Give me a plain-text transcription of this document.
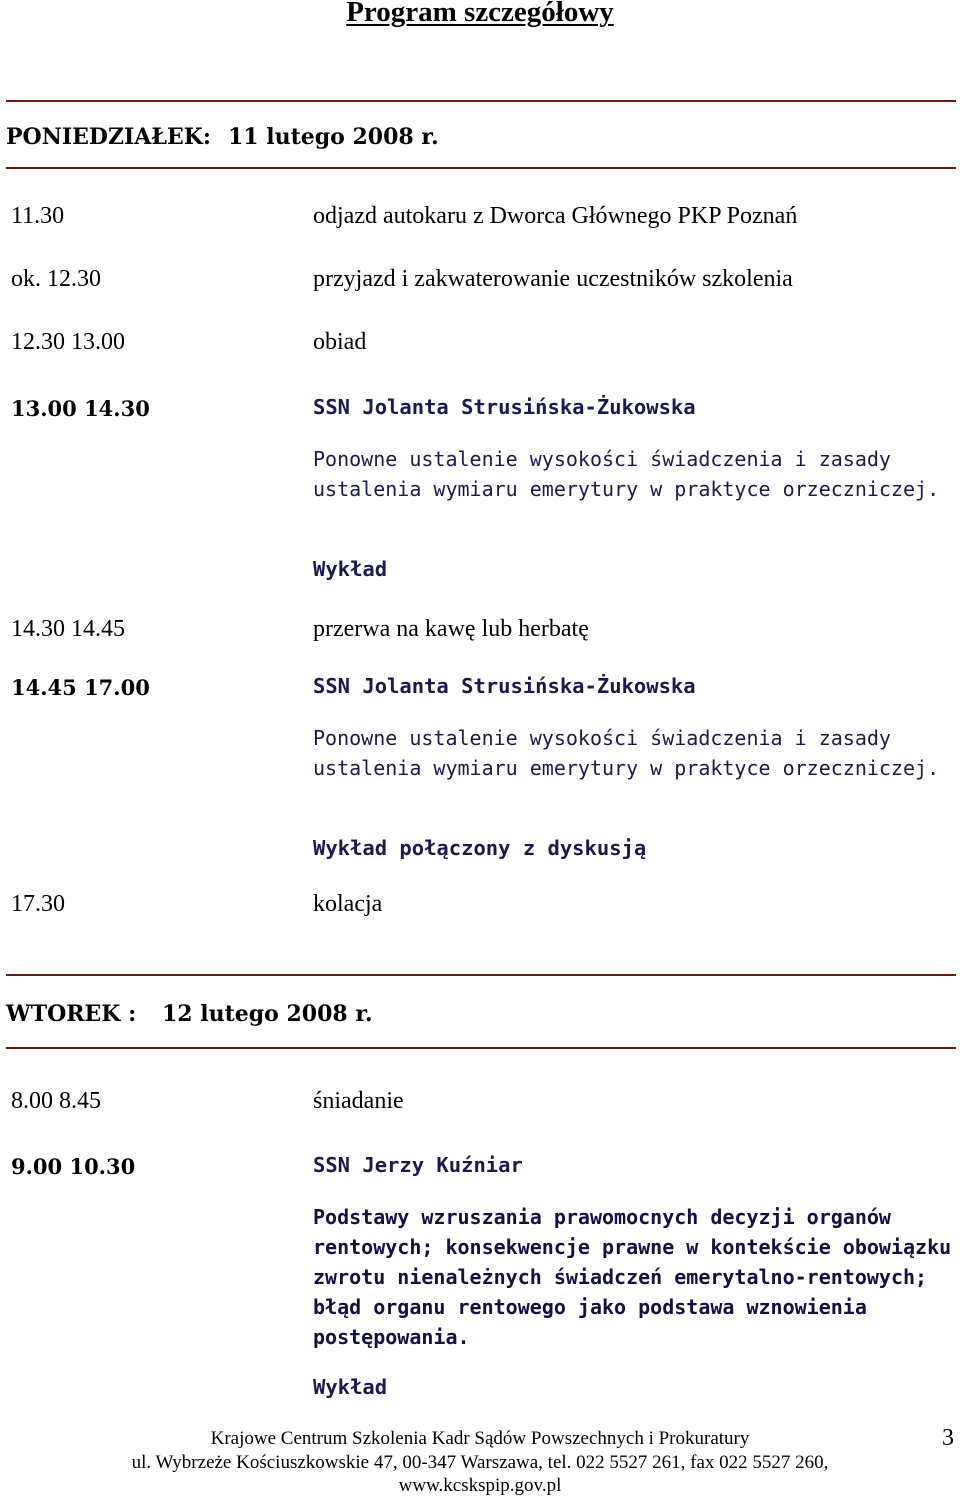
Program szczegółowy
PONIEDZIAŁEK: 11 lutego 2008 r.
11.30	odjazd autokaru z Dworca Głównego PKP Poznań
ok. 12.30	przyjazd i zakwaterowanie uczestników szkolenia
12.30 13.00	obiad
13.00 14.30	SSN Jolanta Strusińska-Żukowska
Ponowne ustalenie wysokości świadczenia i zasady ustalenia wymiaru emerytury w praktyce orzeczniczej.
Wykład
14.30 14.45	przerwa na kawę lub herbatę
14.45 17.00	SSN Jolanta Strusińska-Żukowska
Ponowne ustalenie wysokości świadczenia i zasady ustalenia wymiaru emerytury w praktyce orzeczniczej.
Wykład połączony z dyskusją
17.30	kolacja
WTOREK : 12 lutego 2008 r.
8.00 8.45	śniadanie
9.00 10.30	SSN Jerzy Kuźniar
Podstawy wzruszania prawomocnych decyzji organów rentowych; konsekwencje prawne w kontekście obowiązku zwrotu nienależnych świadczeń emerytalno-rentowych; błąd organu rentowego jako podstawa wznowienia postępowania.
Wykład
Krajowe Centrum Szkolenia Kadr Sądów Powszechnych i Prokuratury
ul. Wybrzeże Kościuszkowskie 47, 00-347 Warszawa, tel. 022 5527 261, fax 022 5527 260,
www.kcskspip.gov.pl
3
